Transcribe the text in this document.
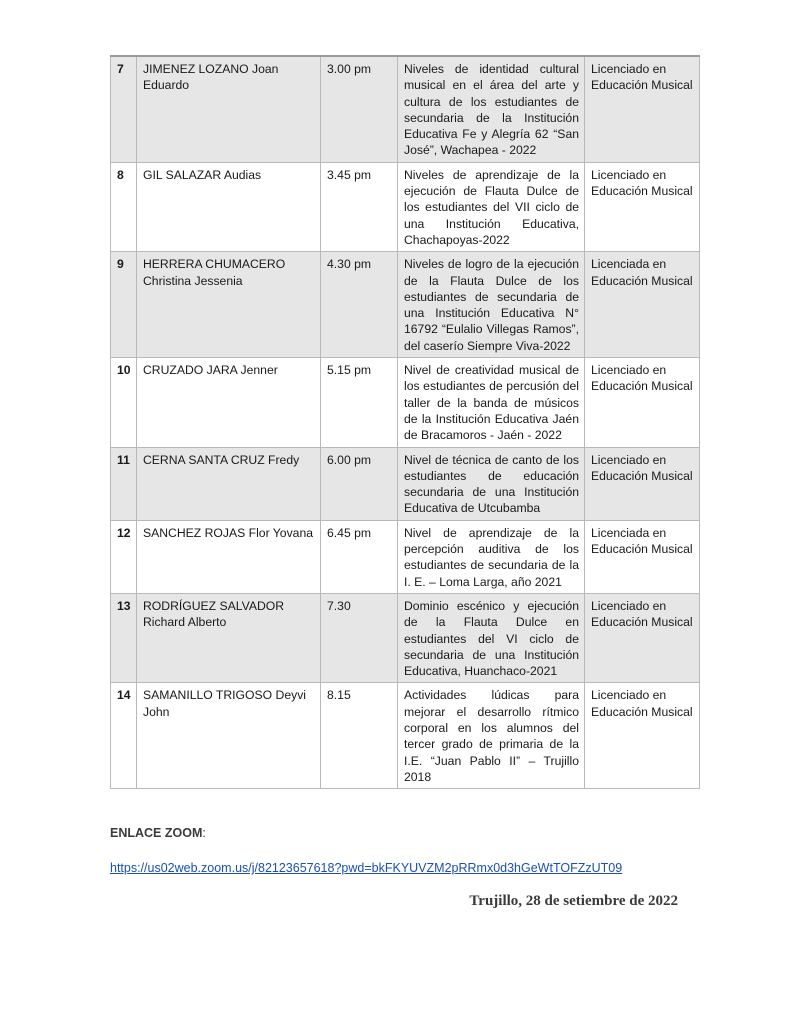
7	JIMENEZ LOZANO Joan Eduardo	3.00 pm	Niveles de identidad cultural musical en el área del arte y cultura de los estudiantes de secundaria de la Institución Educativa Fe y Alegría 62 “San José”, Wachapea - 2022	Licenciado en Educación Musical
8	GIL SALAZAR Audias	3.45 pm	Niveles de aprendizaje de la ejecución de Flauta Dulce de los estudiantes del VII ciclo de una Institución Educativa, Chachapoyas-2022	Licenciado en Educación Musical
9	HERRERA CHUMACERO Christina Jessenia	4.30 pm	Niveles de logro de la ejecución de la Flauta Dulce de los estudiantes de secundaria de una Institución Educativa N° 16792 “Eulalio Villegas Ramos”, del caserío Siempre Viva-2022	Licenciada en Educación Musical
10	CRUZADO JARA Jenner	5.15 pm	Nivel de creatividad musical de los estudiantes de percusión del taller de la banda de músicos de la Institución Educativa Jaén de Bracamoros - Jaén - 2022	Licenciado en Educación Musical
11	CERNA SANTA CRUZ Fredy	6.00 pm	Nivel de técnica de canto de los estudiantes de educación secundaria de una Institución Educativa de Utcubamba	Licenciado en Educación Musical
12	SANCHEZ ROJAS Flor Yovana	6.45 pm	Nivel de aprendizaje de la percepción auditiva de los estudiantes de secundaria de la I. E. – Loma Larga, año 2021	Licenciada en Educación Musical
13	RODRÍGUEZ SALVADOR Richard Alberto	7.30	Dominio escénico y ejecución de la Flauta Dulce en estudiantes del VI ciclo de secundaria de una Institución Educativa, Huanchaco-2021	Licenciado en Educación Musical
14	SAMANILLO TRIGOSO Deyvi John	8.15	Actividades lúdicas para mejorar el desarrollo rítmico corporal en los alumnos del tercer grado de primaria de la I.E. “Juan Pablo II” – Trujillo 2018	Licenciado en Educación Musical
ENLACE ZOOM:
https://us02web.zoom.us/j/82123657618?pwd=bkFKYUVZM2pRRmx0d3hGeWtTOFZzUT09
Trujillo, 28 de setiembre de 2022
